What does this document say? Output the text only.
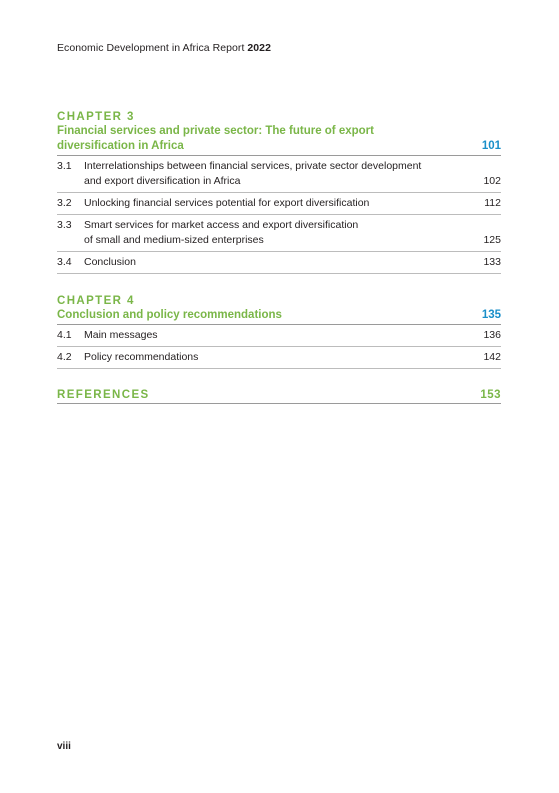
Economic Development in Africa Report 2022
CHAPTER 3
Financial services and private sector: The future of export
diversification in Africa	101
3.1	Interrelationships between financial services, private sector development
and export diversification in Africa	102
3.2	Unlocking financial services potential for export diversification	112
3.3	Smart services for market access and export diversification
of small and medium-sized enterprises	125
3.4	Conclusion	133
CHAPTER 4
Conclusion and policy recommendations	135
4.1	Main messages	136
4.2	Policy recommendations	142
REFERENCES	153
viii
